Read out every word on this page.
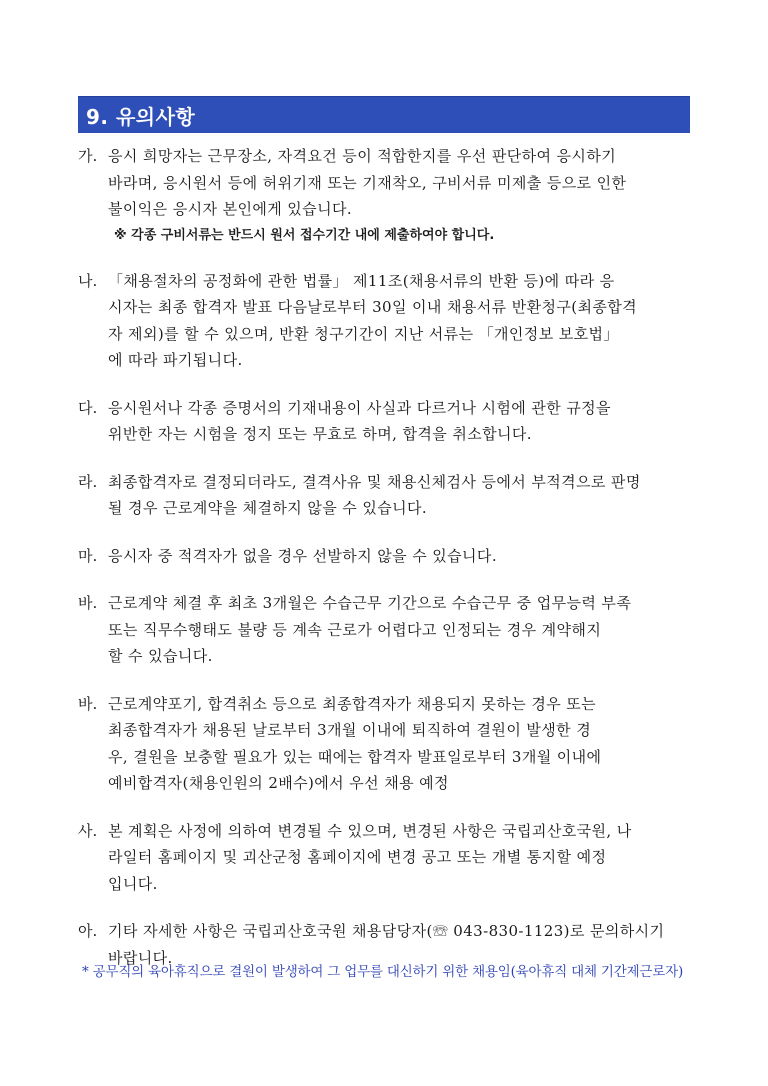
9. 유의사항
가. 응시 희망자는 근무장소, 자격요건 등이 적합한지를 우선 판단하여 응시하기
바라며, 응시원서 등에 허위기재 또는 기재착오, 구비서류 미제출 등으로 인한
불이익은 응시자 본인에게 있습니다.
※ 각종 구비서류는 반드시 원서 접수기간 내에 제출하여야 합니다.
나. 「채용절차의 공정화에 관한 법률」 제11조(채용서류의 반환 등)에 따라 응
시자는 최종 합격자 발표 다음날로부터 30일 이내 채용서류 반환청구(최종합격
자 제외)를 할 수 있으며, 반환 청구기간이 지난 서류는 「개인정보 보호법」
에 따라 파기됩니다.
다. 응시원서나 각종 증명서의 기재내용이 사실과 다르거나 시험에 관한 규정을
위반한 자는 시험을 정지 또는 무효로 하며, 합격을 취소합니다.
라. 최종합격자로 결정되더라도, 결격사유 및 채용신체검사 등에서 부적격으로 판명
될 경우 근로계약을 체결하지 않을 수 있습니다.
마. 응시자 중 적격자가 없을 경우 선발하지 않을 수 있습니다.
바. 근로계약 체결 후 최초 3개월은 수습근무 기간으로 수습근무 중 업무능력 부족
또는 직무수행태도 불량 등 계속 근로가 어렵다고 인정되는 경우 계약해지
할 수 있습니다.
바. 근로계약포기, 합격취소 등으로 최종합격자가 채용되지 못하는 경우 또는
최종합격자가 채용된 날로부터 3개월 이내에 퇴직하여 결원이 발생한 경
우, 결원을 보충할 필요가 있는 때에는 합격자 발표일로부터 3개월 이내에
예비합격자(채용인원의 2배수)에서 우선 채용 예정
사. 본 계획은 사정에 의하여 변경될 수 있으며, 변경된 사항은 국립괴산호국원, 나
라일터 홈페이지 및 괴산군청 홈페이지에 변경 공고 또는 개별 통지할 예정
입니다.
아. 기타 자세한 사항은 국립괴산호국원 채용담당자(☏ 043-830-1123)로 문의하시기
바랍니다.
* 공무직의 육아휴직으로 결원이 발생하여 그 업무를 대신하기 위한 채용임(육아휴직 대체 기간제근로자)
